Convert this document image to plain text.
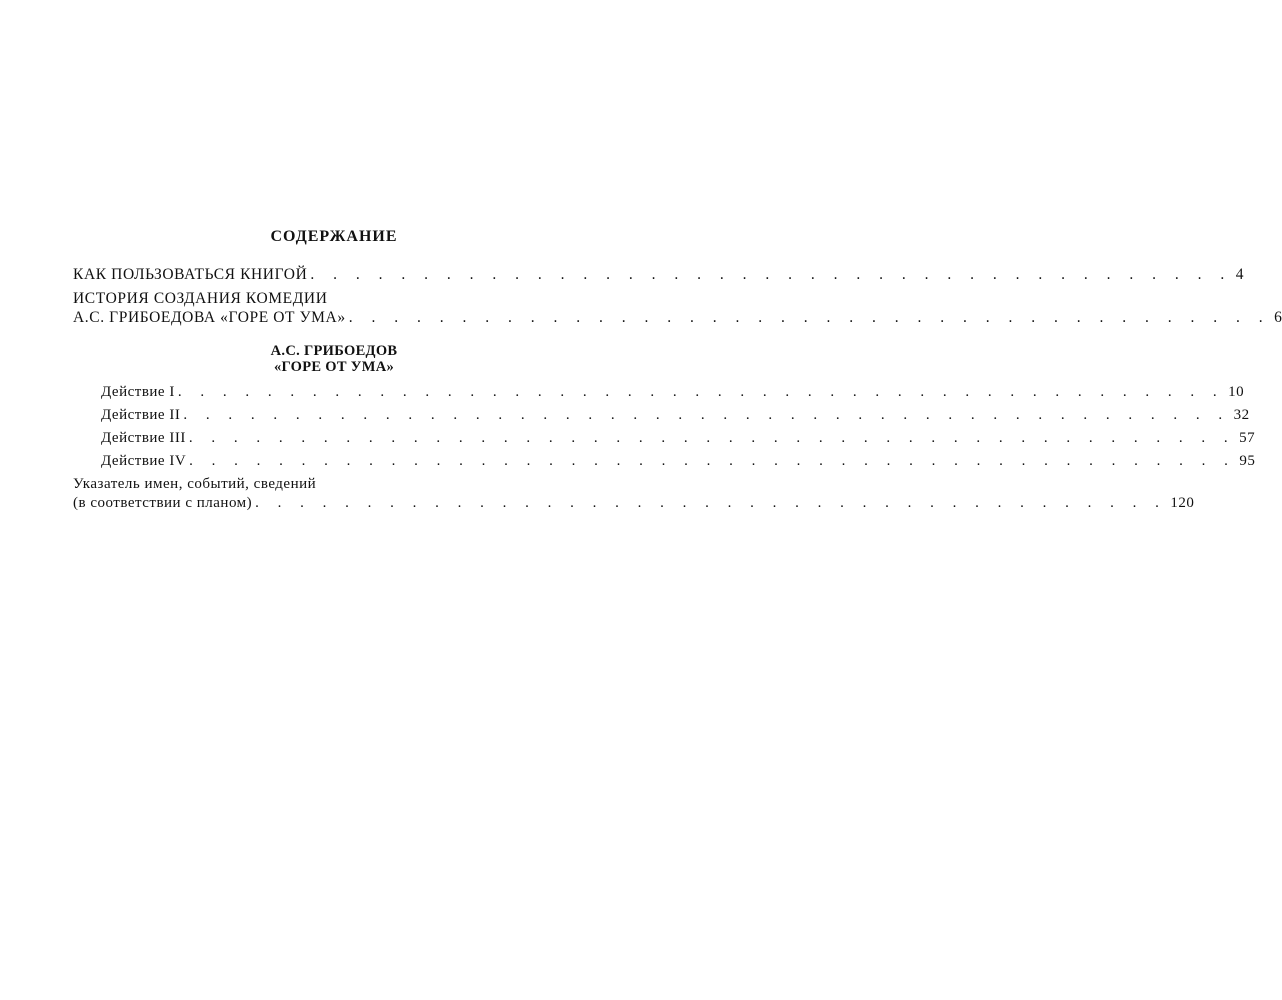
СОДЕРЖАНИЕ
КАК ПОЛЬЗОВАТЬСЯ КНИГОЙ . . . . . . . . . . . . . . . . . . . . . . . . . . . . . . . . . . . . . . . . . 4
ИСТОРИЯ СОЗДАНИЯ КОМЕДИИ
А.С. ГРИБОЕДОВА «ГОРЕ ОТ УМА» . . . . . . . . . . . . . . . . . . . . . . . . . . . . . . . . . . . . . . . . . 6
А.С. ГРИБОЕДОВ
«ГОРЕ ОТ УМА»
Действие I . . . . . . . . . . . . . . . . . . . . . . . . . . . . . . . . . . . . . . . . . . . . . . . 10
Действие II . . . . . . . . . . . . . . . . . . . . . . . . . . . . . . . . . . . . . . . . . . . . . . . 32
Действие III . . . . . . . . . . . . . . . . . . . . . . . . . . . . . . . . . . . . . . . . . . . . . . . 57
Действие IV . . . . . . . . . . . . . . . . . . . . . . . . . . . . . . . . . . . . . . . . . . . . . . . 95
Указатель имен, событий, сведений
(в соответствии с планом) . . . . . . . . . . . . . . . . . . . . . . . . . . . . . . . . . . . . . . . . . 120
